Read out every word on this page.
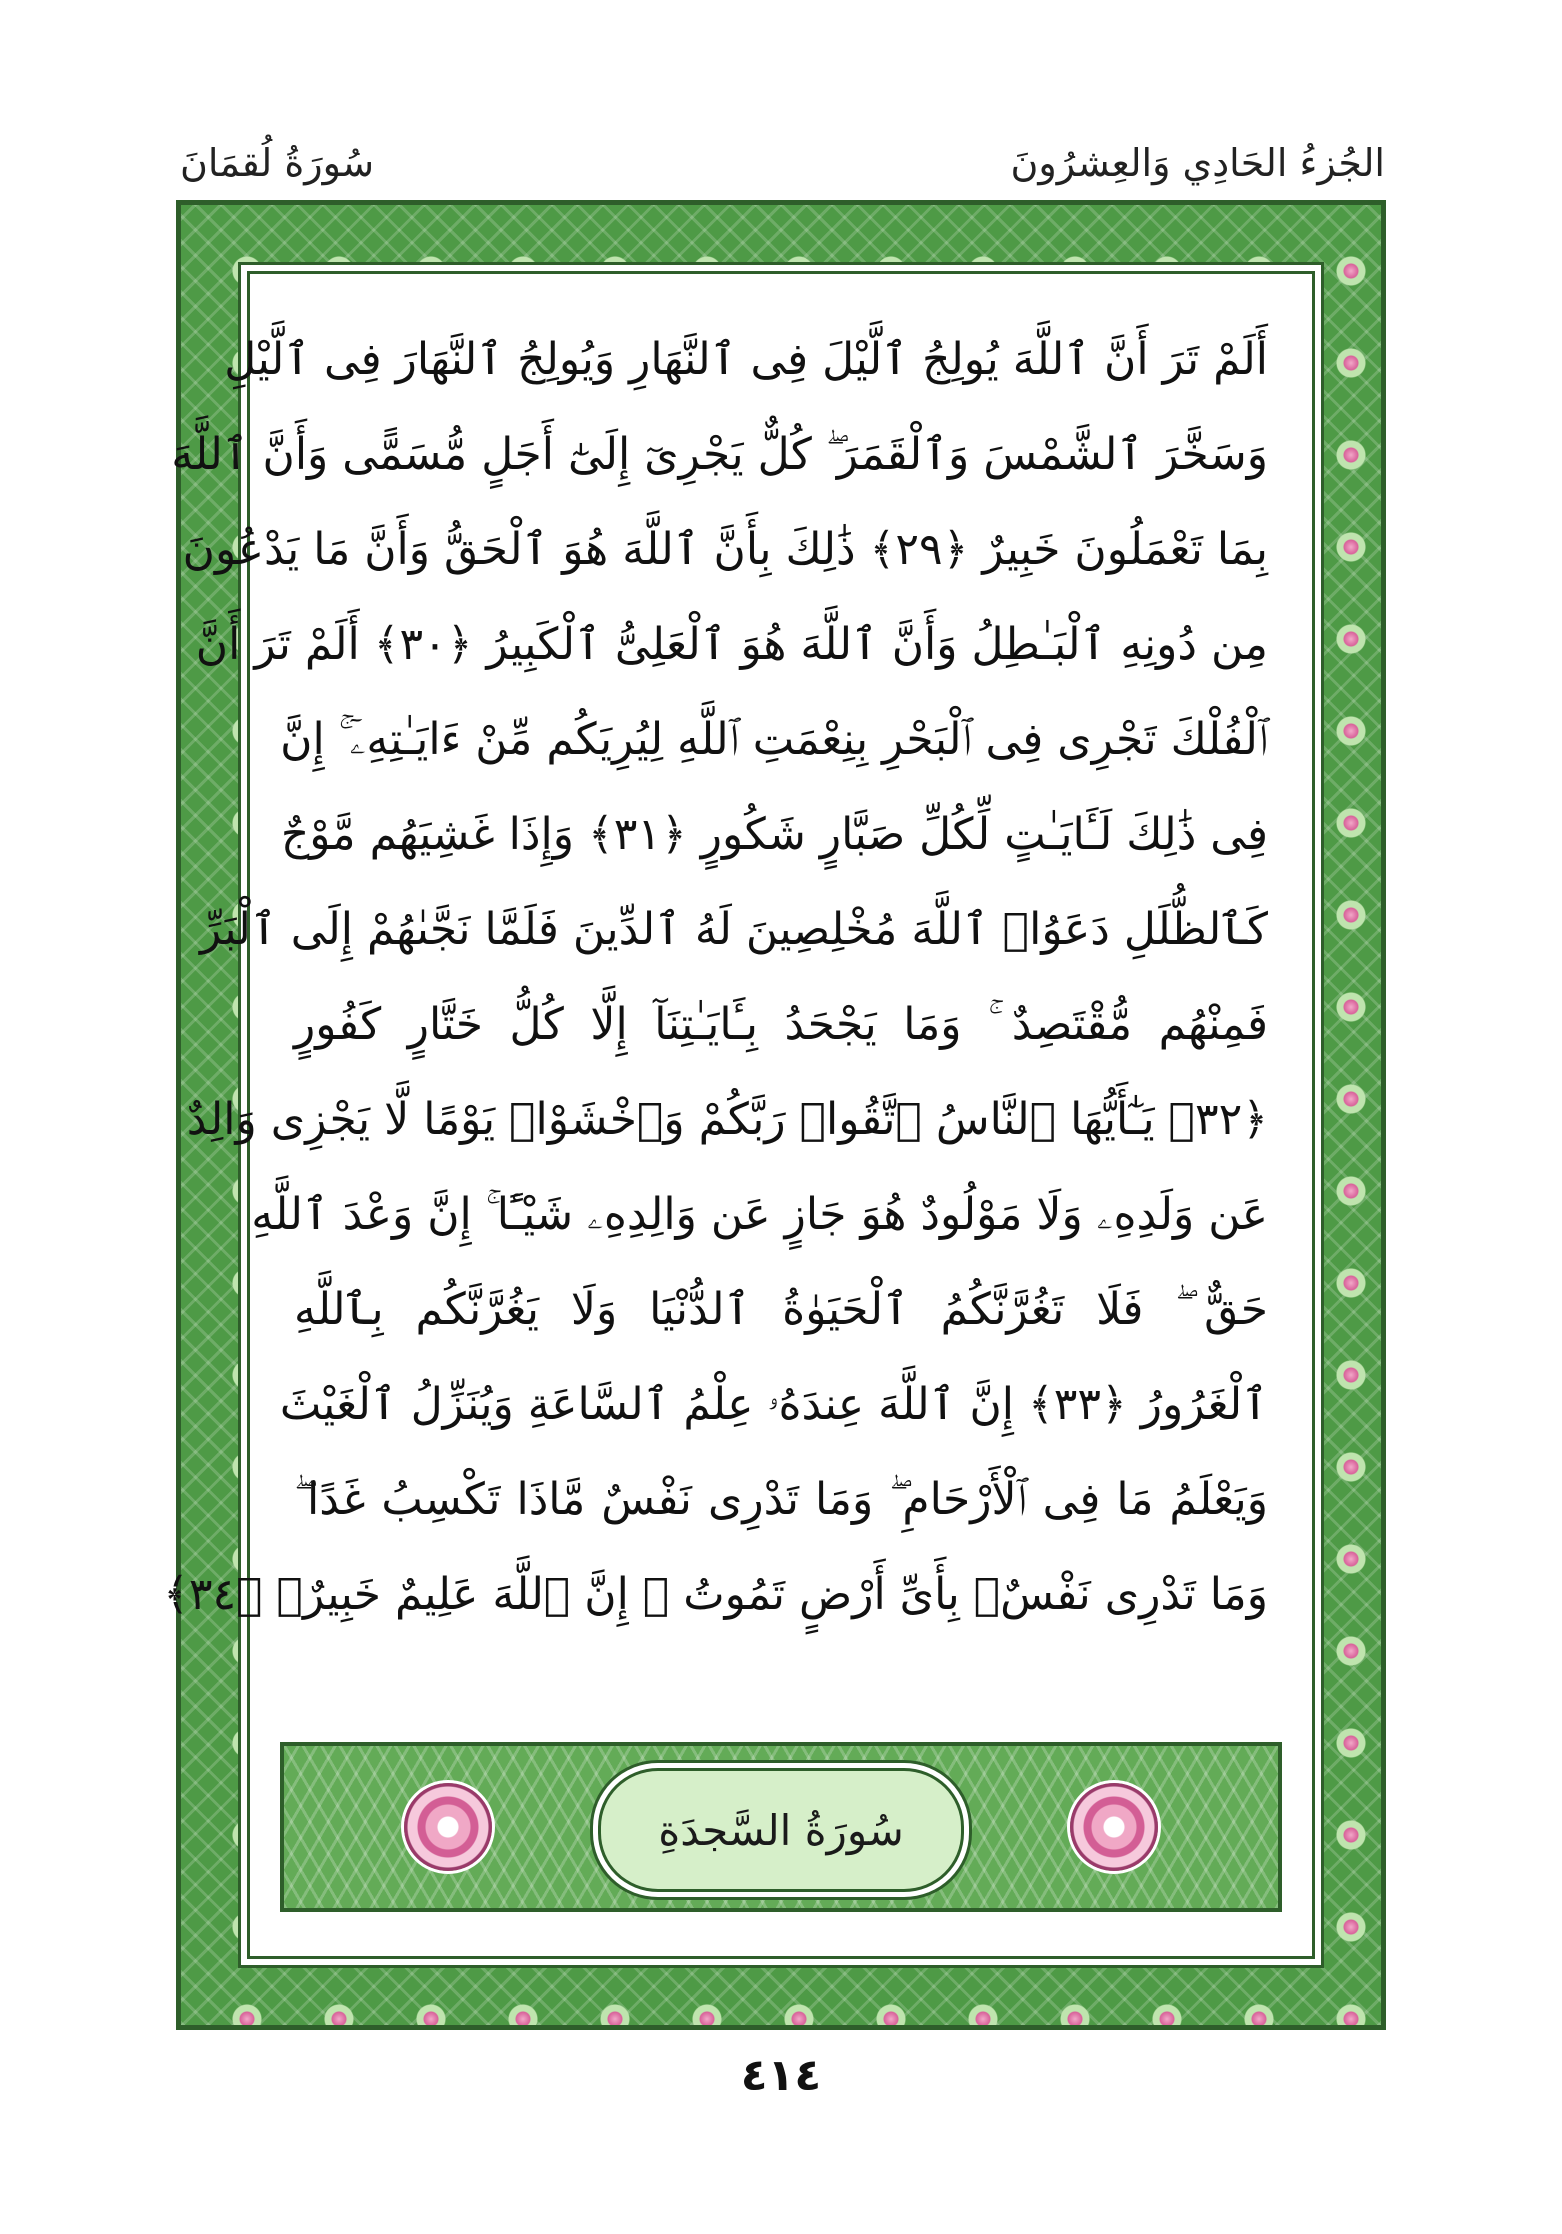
الجُزءُ الحَادِي وَالعِشرُونَ
سُورَةُ لُقمَانَ
أَلَمْ تَرَ أَنَّ ٱللَّهَ يُولِجُ ٱلَّيْلَ فِى ٱلنَّهَارِ وَيُولِجُ ٱلنَّهَارَ فِى ٱلَّيْلِ
وَسَخَّرَ ٱلشَّمْسَ وَٱلْقَمَرَ ۖ كُلٌّ يَجْرِىٓ إِلَىٰٓ أَجَلٍ مُّسَمًّى وَأَنَّ ٱللَّهَ
بِمَا تَعْمَلُونَ خَبِيرٌ ﴿٢٩﴾ ذَٰلِكَ بِأَنَّ ٱللَّهَ هُوَ ٱلْحَقُّ وَأَنَّ مَا يَدْعُونَ
مِن دُونِهِ ٱلْبَـٰطِلُ وَأَنَّ ٱللَّهَ هُوَ ٱلْعَلِىُّ ٱلْكَبِيرُ ﴿٣٠﴾ أَلَمْ تَرَ أَنَّ
ٱلْفُلْكَ تَجْرِى فِى ٱلْبَحْرِ بِنِعْمَتِ ٱللَّهِ لِيُرِيَكُم مِّنْ ءَايَـٰتِهِۦٓ ۚ إِنَّ
فِى ذَٰلِكَ لَـَٔايَـٰتٍ لِّكُلِّ صَبَّارٍ شَكُورٍ ﴿٣١﴾ وَإِذَا غَشِيَهُم مَّوْجٌ
كَٱلظُّلَلِ دَعَوُا۟ ٱللَّهَ مُخْلِصِينَ لَهُ ٱلدِّينَ فَلَمَّا نَجَّىٰهُمْ إِلَى ٱلْبَرِّ
فَمِنْهُم مُّقْتَصِدٌ ۚ وَمَا يَجْحَدُ بِـَٔايَـٰتِنَآ إِلَّا كُلُّ خَتَّارٍ كَفُورٍ
﴿٣٢﴾ يَـٰٓأَيُّهَا ٱلنَّاسُ ٱتَّقُوا۟ رَبَّكُمْ وَٱخْشَوْا۟ يَوْمًا لَّا يَجْزِى وَالِدٌ
عَن وَلَدِهِۦ وَلَا مَوْلُودٌ هُوَ جَازٍ عَن وَالِدِهِۦ شَيْـًٔا ۚ إِنَّ وَعْدَ ٱللَّهِ
حَقٌّ ۖ فَلَا تَغُرَّنَّكُمُ ٱلْحَيَوٰةُ ٱلدُّنْيَا وَلَا يَغُرَّنَّكُم بِٱللَّهِ
ٱلْغَرُورُ ﴿٣٣﴾ إِنَّ ٱللَّهَ عِندَهُۥ عِلْمُ ٱلسَّاعَةِ وَيُنَزِّلُ ٱلْغَيْثَ
وَيَعْلَمُ مَا فِى ٱلْأَرْحَامِ ۖ وَمَا تَدْرِى نَفْسٌ مَّاذَا تَكْسِبُ غَدًا ۖ
وَمَا تَدْرِى نَفْسٌۢ بِأَىِّ أَرْضٍ تَمُوتُ ۚ إِنَّ ٱللَّهَ عَلِيمٌ خَبِيرٌۢ ﴿٣٤﴾
سُورَةُ السَّجدَةِ
٤١٤
